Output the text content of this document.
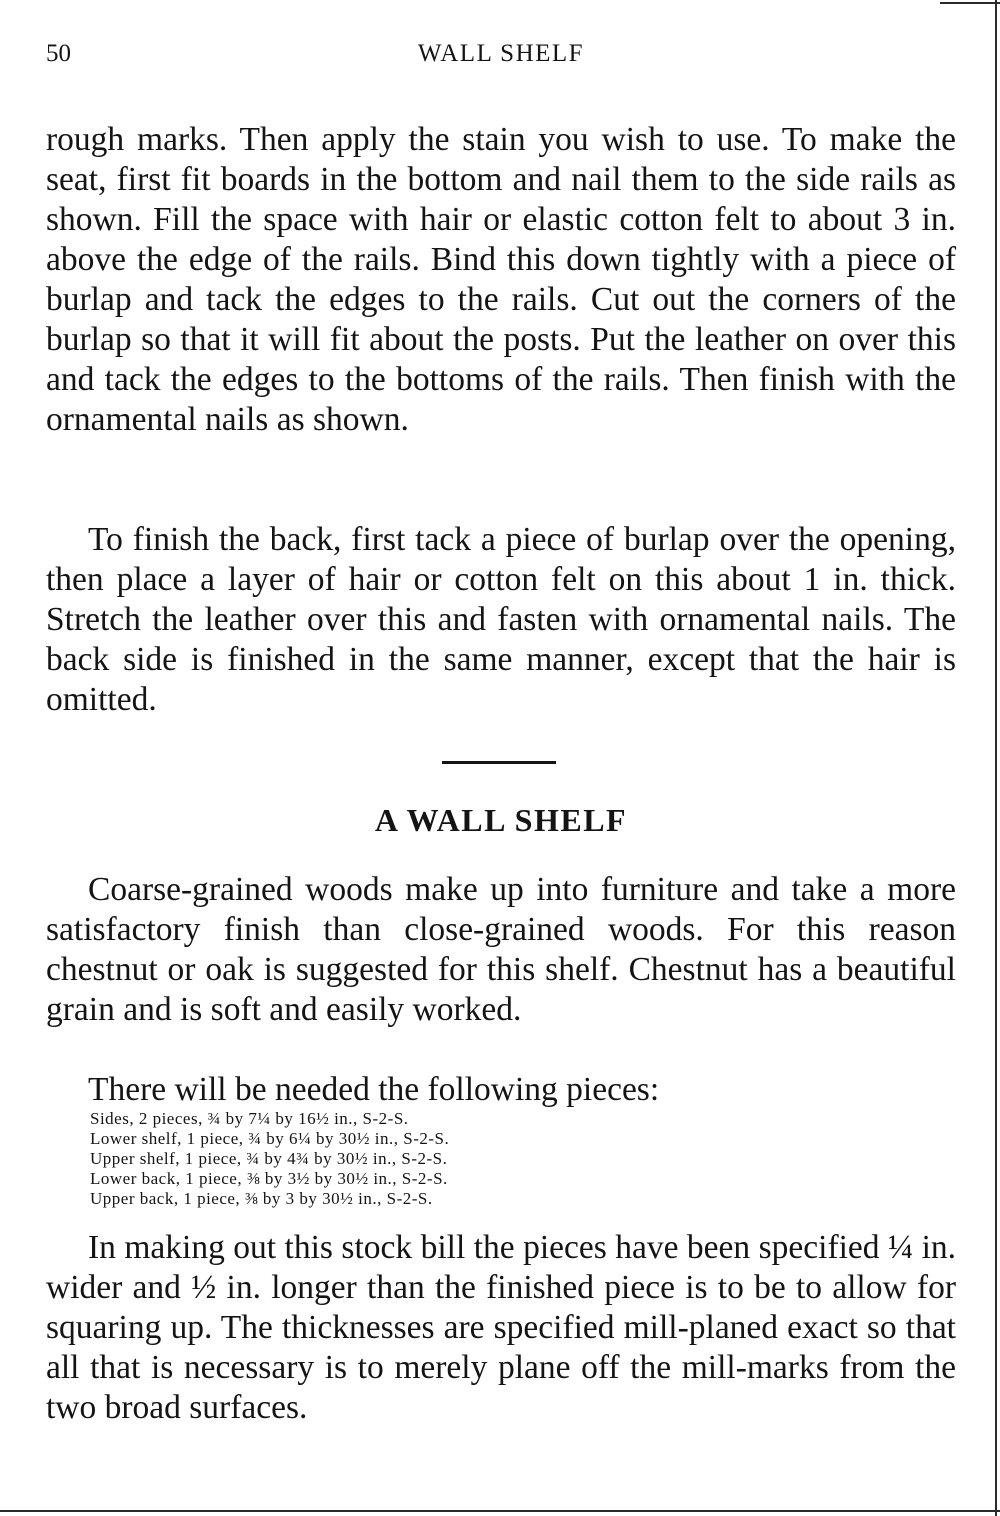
50	WALL SHELF

rough marks. Then apply the stain you wish to use. To make the seat, first fit boards in the bottom and nail them to the side rails as shown. Fill the space with hair or elastic cotton felt to about 3 in. above the edge of the rails. Bind this down tightly with a piece of burlap and tack the edges to the rails. Cut out the corners of the burlap so that it will fit about the posts. Put the leather on over this and tack the edges to the bottoms of the rails. Then finish with the ornamental nails as shown.

To finish the back, first tack a piece of burlap over the opening, then place a layer of hair or cotton felt on this about 1 in. thick. Stretch the leather over this and fasten with ornamental nails. The back side is finished in the same manner, except that the hair is omitted.

A WALL SHELF

Coarse-grained woods make up into furniture and take a more satisfactory finish than close-grained woods. For this reason chestnut or oak is suggested for this shelf. Chestnut has a beautiful grain and is soft and easily worked.

There will be needed the following pieces:

Sides, 2 pieces, ¾ by 7¼ by 16½ in., S-2-S.
Lower shelf, 1 piece, ¾ by 6¼ by 30½ in., S-2-S.
Upper shelf, 1 piece, ¾ by 4¾ by 30½ in., S-2-S.
Lower back, 1 piece, ⅜ by 3½ by 30½ in., S-2-S.
Upper back, 1 piece, ⅜ by 3 by 30½ in., S-2-S.

In making out this stock bill the pieces have been specified ¼ in. wider and ½ in. longer than the finished piece is to be to allow for squaring up. The thicknesses are specified mill-planed exact so that all that is necessary is to merely plane off the mill-marks from the two broad surfaces.
